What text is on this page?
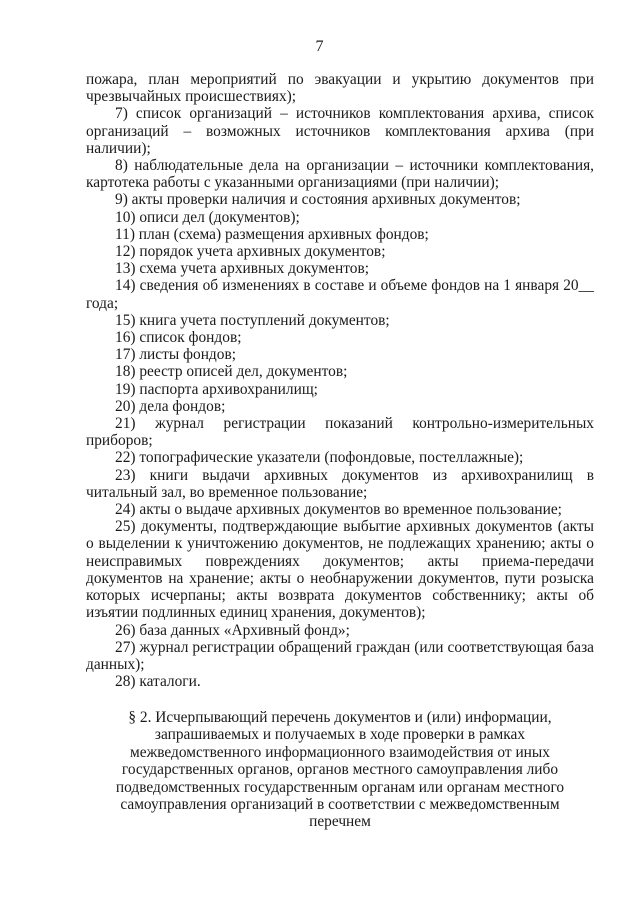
7

пожара, план мероприятий по эвакуации и укрытию документов при чрезвычайных происшествиях);

7) список организаций – источников комплектования архива, список организаций – возможных источников комплектования архива (при наличии);

8) наблюдательные дела на организации – источники комплектования, картотека работы с указанными организациями (при наличии);

9) акты проверки наличия и состояния архивных документов;

10) описи дел (документов);

11) план (схема) размещения архивных фондов;

12) порядок учета архивных документов;

13) схема учета архивных документов;

14) сведения об изменениях в составе и объеме фондов на 1 января 20__ года;

15) книга учета поступлений документов;

16) список фондов;

17) листы фондов;

18) реестр описей дел, документов;

19) паспорта архивохранилищ;

20) дела фондов;

21) журнал регистрации показаний контрольно-измерительных приборов;

22) топографические указатели (пофондовые, постеллажные);

23) книги выдачи архивных документов из архивохранилищ в читальный зал, во временное пользование;

24) акты о выдаче архивных документов во временное пользование;

25) документы, подтверждающие выбытие архивных документов (акты о выделении к уничтожению документов, не подлежащих хранению; акты о неисправимых повреждениях документов; акты приема-передачи документов на хранение; акты о необнаружении документов, пути розыска которых исчерпаны; акты возврата документов собственнику; акты об изъятии подлинных единиц хранения, документов);

26) база данных «Архивный фонд»;

27) журнал регистрации обращений граждан (или соответствующая база данных);

28) каталоги.

§ 2. Исчерпывающий перечень документов и (или) информации, запрашиваемых и получаемых в ходе проверки в рамках межведомственного информационного взаимодействия от иных государственных органов, органов местного самоуправления либо подведомственных государственным органам или органам местного самоуправления организаций в соответствии с межведомственным перечнем
